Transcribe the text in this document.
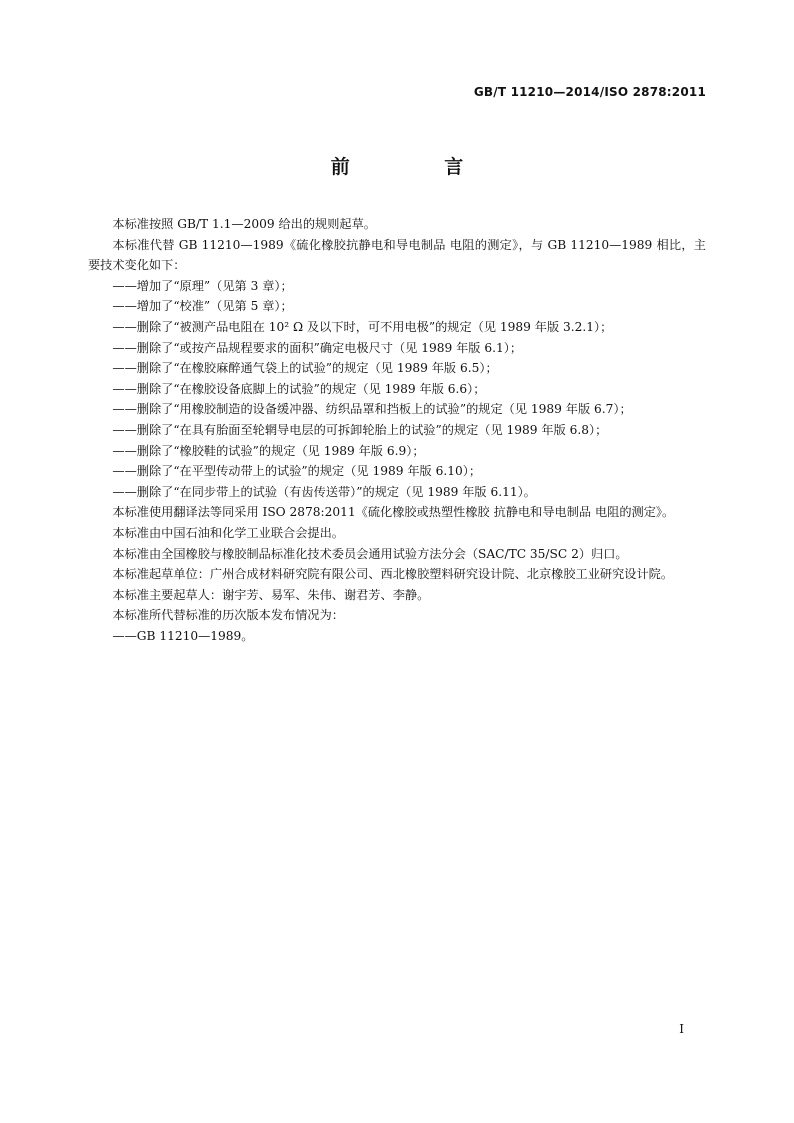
GB/T 11210—2014/ISO 2878:2011
前 言

本标准按照 GB/T 1.1—2009 给出的规则起草。

本标准代替 GB 11210—1989《硫化橡胶抗静电和导电制品 电阻的测定》，与 GB 11210—1989 相比，主要技术变化如下：

——增加了“原理”（见第 3 章）；

——增加了“校准”（见第 5 章）；

——删除了“被测产品电阻在 10² Ω 及以下时，可不用电极”的规定（见 1989 年版 3.2.1）；

——删除了“或按产品规程要求的面积”确定电极尺寸（见 1989 年版 6.1）；

——删除了“在橡胶麻醉通气袋上的试验”的规定（见 1989 年版 6.5）；

——删除了“在橡胶设备底脚上的试验”的规定（见 1989 年版 6.6）；

——删除了“用橡胶制造的设备缓冲器、纺织品罩和挡板上的试验”的规定（见 1989 年版 6.7）；

——删除了“在具有胎面至轮辋导电层的可拆卸轮胎上的试验”的规定（见 1989 年版 6.8）；

——删除了“橡胶鞋的试验”的规定（见 1989 年版 6.9）；

——删除了“在平型传动带上的试验”的规定（见 1989 年版 6.10）；

——删除了“在同步带上的试验（有齿传送带）”的规定（见 1989 年版 6.11）。

本标准使用翻译法等同采用 ISO 2878:2011《硫化橡胶或热塑性橡胶 抗静电和导电制品 电阻的测定》。

本标准由中国石油和化学工业联合会提出。

本标准由全国橡胶与橡胶制品标准化技术委员会通用试验方法分会（SAC/TC 35/SC 2）归口。

本标准起草单位：广州合成材料研究院有限公司、西北橡胶塑料研究设计院、北京橡胶工业研究设计院。

本标准主要起草人：谢宇芳、易军、朱伟、谢君芳、李静。

本标准所代替标准的历次版本发布情况为：

——GB 11210—1989。

I
